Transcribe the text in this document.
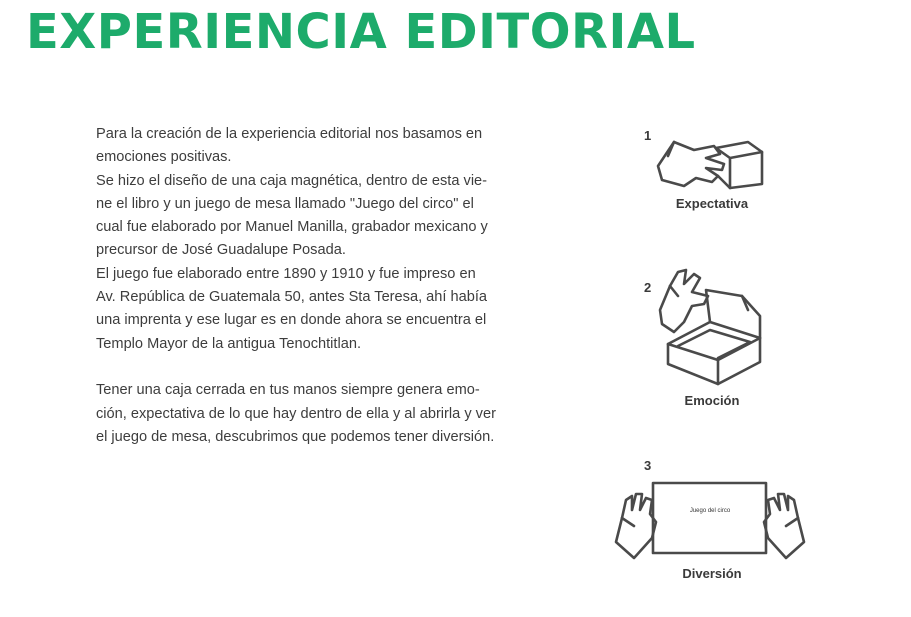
EXPERIENCIA EDITORIAL

Para la creación de la experiencia editorial nos basamos en

emociones positivas.

Se hizo el diseño de una caja magnética, dentro de esta vie-

ne el libro y un juego de mesa llamado "Juego del circo" el

cual fue elaborado por Manuel Manilla, grabador mexicano y

precursor de José Guadalupe Posada.

El juego fue elaborado entre 1890 y 1910 y fue impreso en

Av. República de Guatemala 50, antes Sta Teresa, ahí había

una imprenta y ese lugar es en donde ahora se encuentra el

Templo Mayor de la antigua Tenochtitlan.

Tener una caja cerrada en tus manos siempre genera emo-

ción, expectativa de lo que hay dentro de ella y al abrirla y ver

el juego de mesa, descubrimos que podemos tener diversión.

1
Expectativa
2
Emoción
3
Juego del circo
Diversión
